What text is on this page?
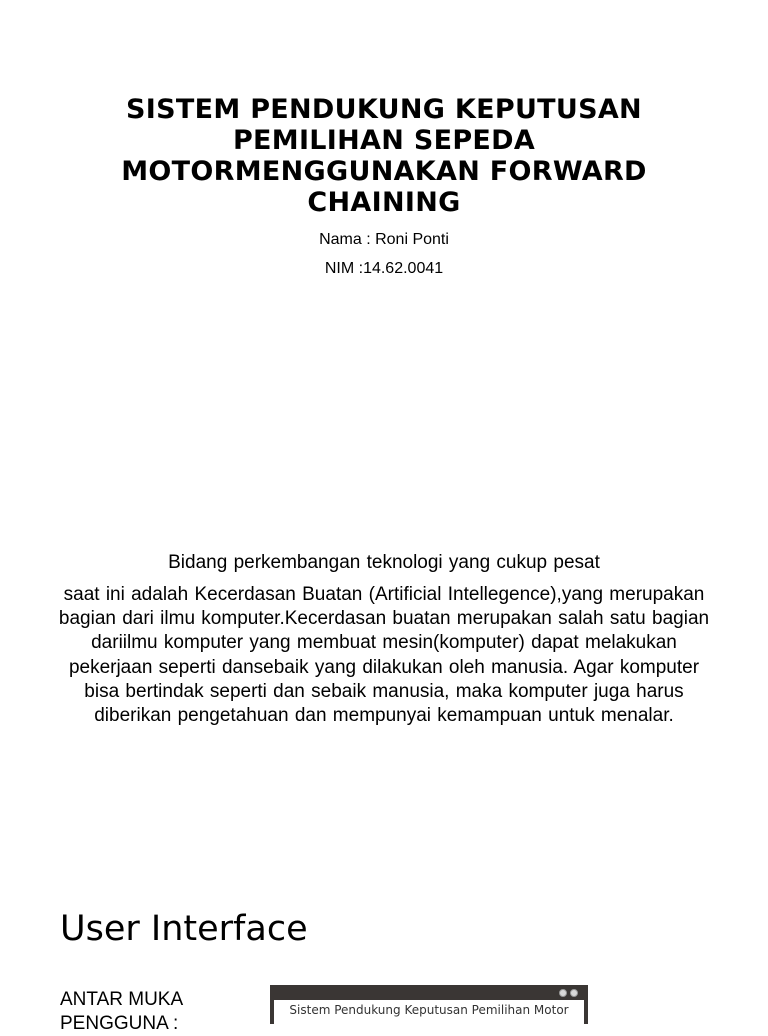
SISTEM PENDUKUNG KEPUTUSAN PEMILIHAN SEPEDA MOTORMENGGUNAKAN FORWARD CHAINING
Nama : Roni Ponti
NIM :14.62.0041

Bidang perkembangan teknologi yang cukup pesat

saat ini adalah Kecerdasan Buatan (Artificial Intellegence),yang merupakan bagian dari ilmu komputer.Kecerdasan buatan merupakan salah satu bagian dariilmu komputer yang membuat mesin(komputer) dapat melakukan pekerjaan seperti dansebaik yang dilakukan oleh manusia. Agar komputer bisa bertindak seperti dan sebaik manusia, maka komputer juga harus diberikan pengetahuan dan mempunyai kemampuan untuk menalar.

User Interface
ANTAR MUKA
PENGGUNA :
Sistem Pendukung Keputusan Pemilihan Motor
